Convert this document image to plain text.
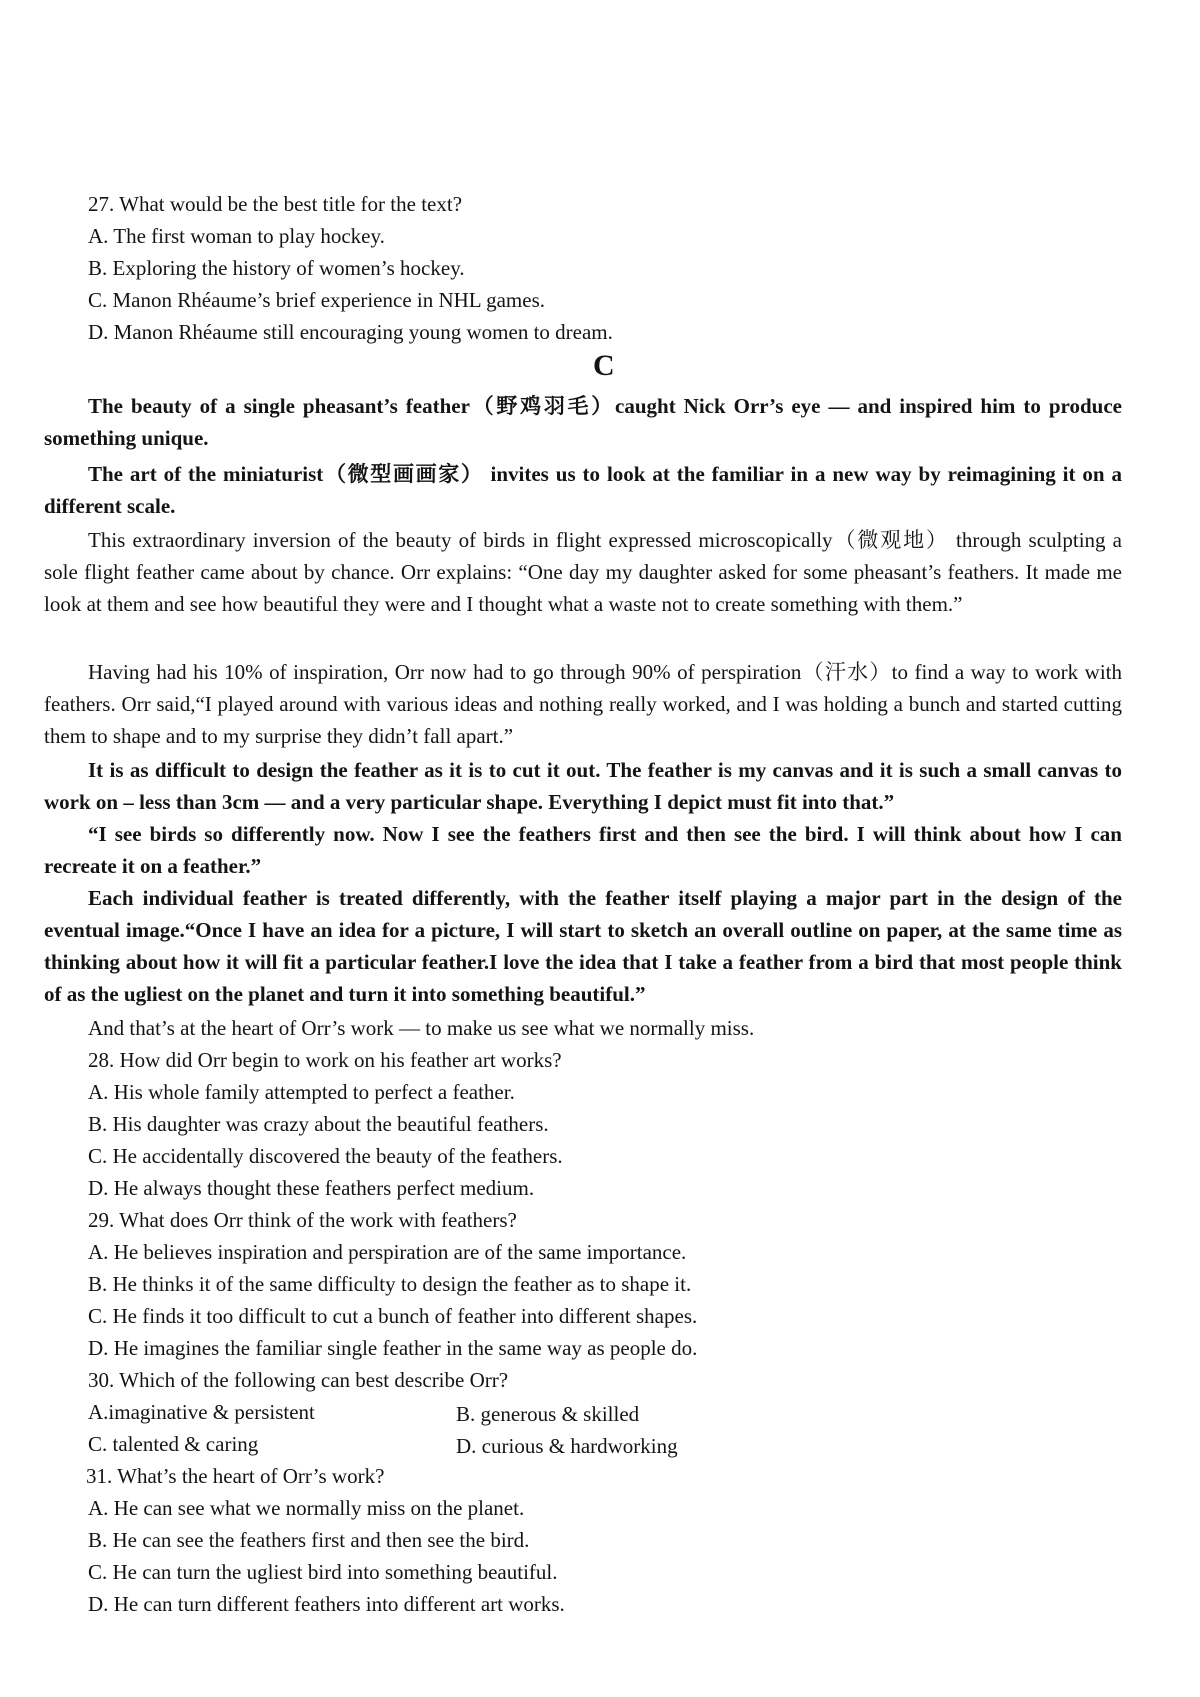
27. What would be the best title for the text?
A. The first woman to play hockey.
B. Exploring the history of women’s hockey.
C. Manon Rhéaume’s brief experience in NHL games.
D. Manon Rhéaume still encouraging young women to dream.
C
The beauty of a single pheasant’s feather（野鸡羽毛）caught Nick Orr’s eye — and inspired him to produce something unique.
The art of the miniaturist（微型画画家） invites us to look at the familiar in a new way by reimagining it on a different scale.
This extraordinary inversion of the beauty of birds in flight expressed microscopically（微观地） through sculpting a sole flight feather came about by chance. Orr explains: “One day my daughter asked for some pheasant’s feathers. It made me look at them and see how beautiful they were and I thought what a waste not to create something with them.”
Having had his 10% of inspiration, Orr now had to go through 90% of perspiration（汗水）to find a way to work with feathers. Orr said,“I played around with various ideas and nothing really worked, and I was holding a bunch and started cutting them to shape and to my surprise they didn’t fall apart.”
It is as difficult to design the feather as it is to cut it out. The feather is my canvas and it is such a small canvas to work on – less than 3cm — and a very particular shape. Everything I depict must fit into that.”
“I see birds so differently now. Now I see the feathers first and then see the bird. I will think about how I can recreate it on a feather.”
Each individual feather is treated differently, with the feather itself playing a major part in the design of the eventual image.“Once I have an idea for a picture, I will start to sketch an overall outline on paper, at the same time as thinking about how it will fit a particular feather.I love the idea that I take a feather from a bird that most people think of as the ugliest on the planet and turn it into something beautiful.”
And that’s at the heart of Orr’s work — to make us see what we normally miss.
28. How did Orr begin to work on his feather art works?
A. His whole family attempted to perfect a feather.
B. His daughter was crazy about the beautiful feathers.
C. He accidentally discovered the beauty of the feathers.
D. He always thought these feathers perfect medium.
29. What does Orr think of the work with feathers?
A. He believes inspiration and perspiration are of the same importance.
B. He thinks it of the same difficulty to design the feather as to shape it.
C. He finds it too difficult to cut a bunch of feather into different shapes.
D. He imagines the familiar single feather in the same way as people do.
30. Which of the following can best describe Orr?
A.imaginative & persistent	B. generous & skilled
C. talented & caring	D. curious & hardworking
31. What’s the heart of Orr’s work?
A. He can see what we normally miss on the planet.
B. He can see the feathers first and then see the bird.
C. He can turn the ugliest bird into something beautiful.
D. He can turn different feathers into different art works.
